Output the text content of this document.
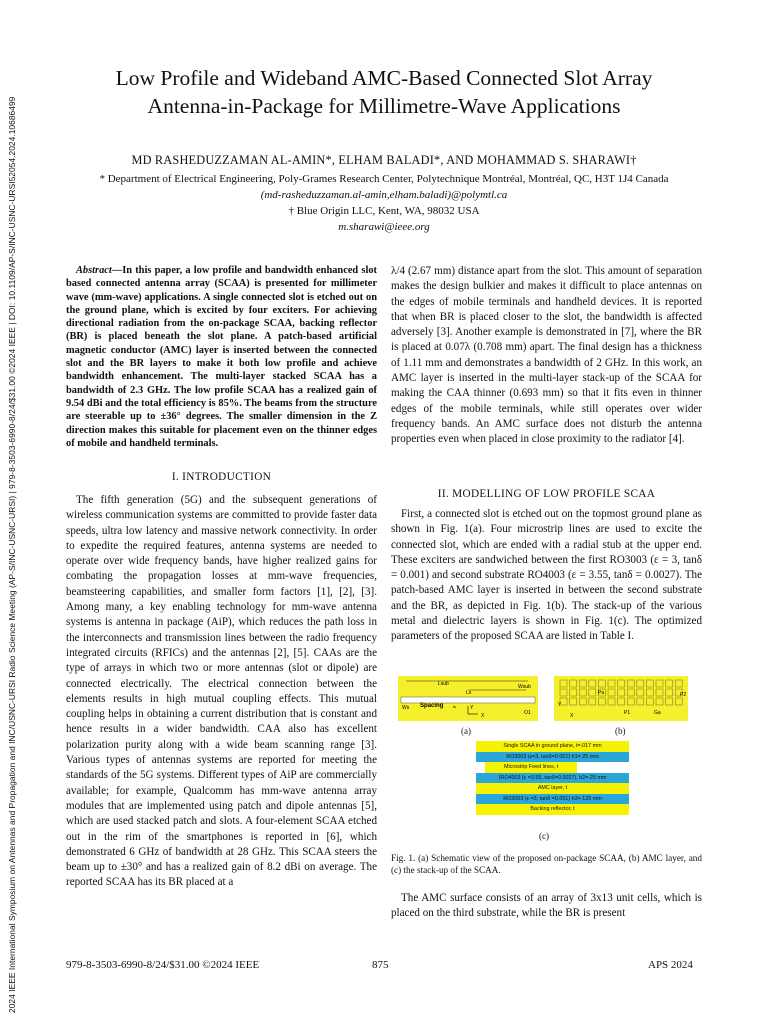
2024 IEEE International Symposium on Antennas and Propagation and INC/USNC-URSI Radio Science Meeting (AP-S/INC-USNC-URSI) | 979-8-3503-6990-8/24/$31.00 ©2024 IEEE | DOI: 10.1109/AP-S/INC-USNC-URSI52054.2024.10686499
Low Profile and Wideband AMC-Based Connected Slot Array
Antenna-in-Package for Millimetre-Wave Applications
MD RASHEDUZZAMAN AL-AMIN*, ELHAM BALADI*, AND MOHAMMAD S. SHARAWI†
* Department of Electrical Engineering, Poly-Grames Research Center, Polytechnique Montréal, Montréal, QC, H3T 1J4 Canada
(md-rasheduzzaman.al-amin,elham.baladi)@polymtl.ca
† Blue Origin LLC, Kent, WA, 98032 USA
m.sharawi@ieee.org
Abstract—In this paper, a low profile and bandwidth enhanced slot based connected antenna array (SCAA) is presented for millimeter wave (mm-wave) applications. A single connected slot is etched out on the ground plane, which is excited by four exciters. For achieving directional radiation from the on-package SCAA, backing reflector (BR) is placed beneath the slot plane. A patch-based artificial magnetic conductor (AMC) layer is inserted between the connected slot and the BR layers to make it both low profile and achieve bandwidth enhancement. The multi-layer stacked SCAA has a bandwidth of 2.3 GHz. The low profile SCAA has a realized gain of 9.54 dBi and the total efficiency is 85%. The beams from the structure are steerable up to ±36° degrees. The smaller dimension in the Z direction makes this suitable for placement even on the thinner edges of mobile and handheld terminals.
I. INTRODUCTION
The fifth generation (5G) and the subsequent generations of wireless communication systems are committed to provide faster data speeds, ultra low latency and massive network connectivity. In order to expedite the required features, antenna systems are needed to operate over wide frequency bands, have higher realized gains for combating the propagation losses at mm-wave frequencies, beamsteering capabilities, and smaller form factors [1], [2], [3]. Among many, a key enabling technology for mm-wave antenna systems is antenna in package (AiP), which reduces the path loss in the interconnects and transmission lines between the radio frequency integrated circuits (RFICs) and the antennas [2], [5]. CAAs are the type of arrays in which two or more antennas (slot or dipole) are connected electrically. The electrical connection between the elements results in high mutual coupling effects. This mutual coupling helps in obtaining a current distribution that is constant and hence results in a wider bandwidth. CAA also has excellent polarization purity along with a wide beam scanning range [3]. Various types of antennas systems are reported for meeting the standards of the 5G systems. Different types of AiP are commercially available; for example, Qualcomm has mm-wave antenna array modules that are implemented using patch and dipole antennas [5], which are used stacked patch and slots. A four-element SCAA etched out in the rim of the smartphones is reported in [6], which demonstrated 6 GHz of bandwidth at 28 GHz. This SCAA steers the beam up to ±30° and has a realized gain of 8.2 dBi on average. The reported SCAA has its BR placed at a
λ/4 (2.67 mm) distance apart from the slot. This amount of separation makes the design bulkier and makes it difficult to place antennas on the edges of mobile terminals and handheld devices. It is reported that when BR is placed closer to the slot, the bandwidth is affected adversely [3]. Another example is demonstrated in [7], where the BR is placed at 0.07λ (0.708 mm) apart. The final design has a thickness of 1.11 mm and demonstrates a bandwidth of 2 GHz. In this work, an AMC layer is inserted in the multi-layer stack-up of the SCAA for making the CAA thinner (0.693 mm) so that it fits even in thinner edges of the mobile terminals, while still operates over wider frequency bands. An AMC surface does not disturb the antenna properties even when placed in close proximity to the radiator [4].
II. MODELLING OF LOW PROFILE SCAA
First, a connected slot is etched out on the topmost ground plane as shown in Fig. 1(a). Four microstrip lines are used to excite the connected slot, which are ended with a radial stub at the upper end. These exciters are sandwiched between the first RO3003 (ε = 3, tanδ = 0.001) and second substrate RO4003 (ε = 3.55, tanδ = 0.0027). The patch-based AMC layer is inserted in between the second substrate and the BR, as depicted in Fig. 1(b). The stack-up of the various metal and dielectric layers is shown in Fig. 1(c). The optimized parameters of the proposed SCAA are listed in Table I.
Lsub
Ls
Wsub
Spacing
Ws	ls	Y
X	O1
Pa
Y
X	P1	Ga
P2
(a)	(b)
Single SCAA in ground plane, t=.017 mm
RO3003 (ε=3, tanδ=0.001) h1=.25 mm
Microstrip Feed lines, t
(RO4003 (ε =3.55, tanδ=0.0027), h2=.25 mm
AMC layer, t
RO3003 (ε =3, tanδ =0.001) h3=.125 mm
Backing reflector, t
(c)
Fig. 1. (a) Schematic view of the proposed on-package SCAA, (b) AMC layer, and (c) the stack-up of the SCAA.
The AMC surface consists of an array of 3x13 unit cells, which is placed on the third substrate, while the BR is present
979-8-3503-6990-8/24/$31.00 ©2024 IEEE	875	APS 2024
